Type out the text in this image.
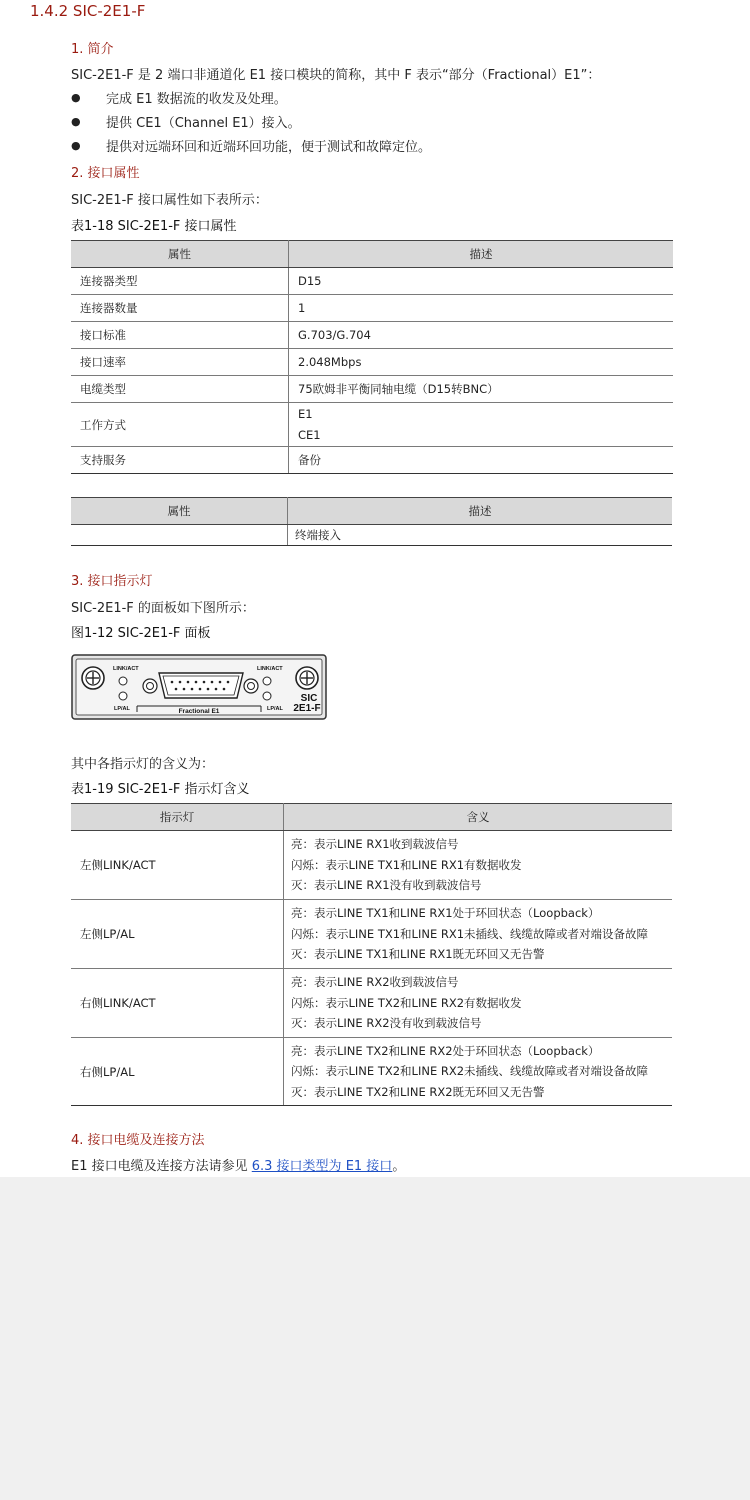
1.4.2 SIC-2E1-F
1. 简介
SIC-2E1-F 是 2 端口非通道化 E1 接口模块的简称，其中 F 表示“部分（Fractional）E1”：
● 完成 E1 数据流的收发及处理。
● 提供 CE1（Channel E1）接入。
● 提供对远端环回和近端环回功能，便于测试和故障定位。
2. 接口属性
SIC-2E1-F 接口属性如下表所示：
表1-18 SIC-2E1-F 接口属性
属性	描述
连接器类型	D15
连接器数量	1
接口标准	G.703/G.704
接口速率	2.048Mbps
电缆类型	75欧姆非平衡同轴电缆（D15转BNC）
工作方式	E1
CE1

支持服务	备份
属性	描述
	终端接入
3. 接口指示灯
SIC-2E1-F 的面板如下图所示：
图1-12 SIC-2E1-F 面板
LINK/ACT	LINK/ACT
LP/AL	LP/AL
Fractional E1
SIC
2E1-F
其中各指示灯的含义为：
表1-19 SIC-2E1-F 指示灯含义
指示灯	含义
左侧LINK/ACT	亮：表示LINE RX1收到载波信号
闪烁：表示LINE TX1和LINE RX1有数据收发
灭：表示LINE RX1没有收到载波信号

左侧LP/AL	亮：表示LINE TX1和LINE RX1处于环回状态（Loopback）
闪烁：表示LINE TX1和LINE RX1未插线、线缆故障或者对端设备故障
灭：表示LINE TX1和LINE RX1既无环回又无告警

右侧LINK/ACT	亮：表示LINE RX2收到载波信号
闪烁：表示LINE TX2和LINE RX2有数据收发
灭：表示LINE RX2没有收到载波信号

右侧LP/AL	亮：表示LINE TX2和LINE RX2处于环回状态（Loopback）
闪烁：表示LINE TX2和LINE RX2未插线、线缆故障或者对端设备故障
灭：表示LINE TX2和LINE RX2既无环回又无告警
4. 接口电缆及连接方法
E1 接口电缆及连接方法请参见 6.3 接口类型为 E1 接口。
